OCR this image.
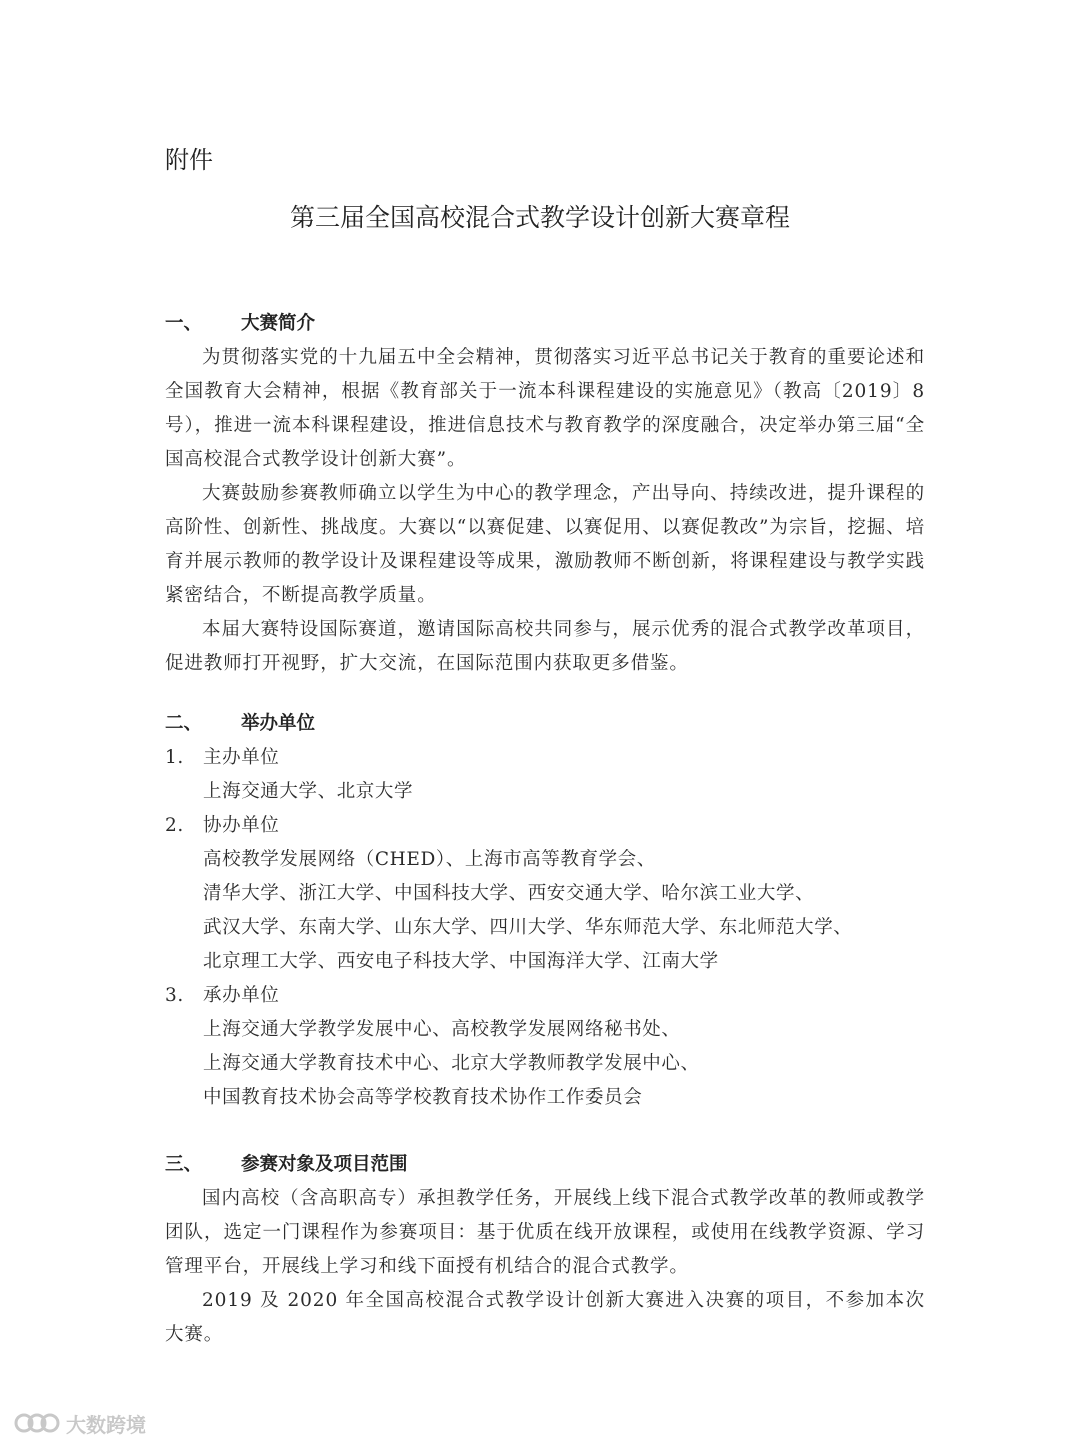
附件
第三届全国高校混合式教学设计创新大赛章程
一、 大赛简介

为贯彻落实党的十九届五中全会精神，贯彻落实习近平总书记关于教育的重要论述和全国教育大会精神，根据《教育部关于一流本科课程建设的实施意见》（教高〔2019〕8 号），推进一流本科课程建设，推进信息技术与教育教学的深度融合，决定举办第三届“全国高校混合式教学设计创新大赛”。

大赛鼓励参赛教师确立以学生为中心的教学理念，产出导向、持续改进，提升课程的高阶性、创新性、挑战度。大赛以“以赛促建、以赛促用、以赛促教改”为宗旨，挖掘、培育并展示教师的教学设计及课程建设等成果，激励教师不断创新，将课程建设与教学实践紧密结合，不断提高教学质量。

本届大赛特设国际赛道，邀请国际高校共同参与，展示优秀的混合式教学改革项目，促进教师打开视野，扩大交流，在国际范围内获取更多借鉴。

二、 举办单位
1. 主办单位
上海交通大学、北京大学
2. 协办单位
高校教学发展网络（CHED）、上海市高等教育学会、
清华大学、浙江大学、中国科技大学、西安交通大学、哈尔滨工业大学、
武汉大学、东南大学、山东大学、四川大学、华东师范大学、东北师范大学、
北京理工大学、西安电子科技大学、中国海洋大学、江南大学
3. 承办单位
上海交通大学教学发展中心、高校教学发展网络秘书处、
上海交通大学教育技术中心、北京大学教师教学发展中心、
中国教育技术协会高等学校教育技术协作工作委员会
三、 参赛对象及项目范围

国内高校（含高职高专）承担教学任务，开展线上线下混合式教学改革的教师或教学团队，选定一门课程作为参赛项目：基于优质在线开放课程，或使用在线教学资源、学习管理平台，开展线上学习和线下面授有机结合的混合式教学。

2019 及 2020 年全国高校混合式教学设计创新大赛进入决赛的项目，不参加本次大赛。

大数跨境
